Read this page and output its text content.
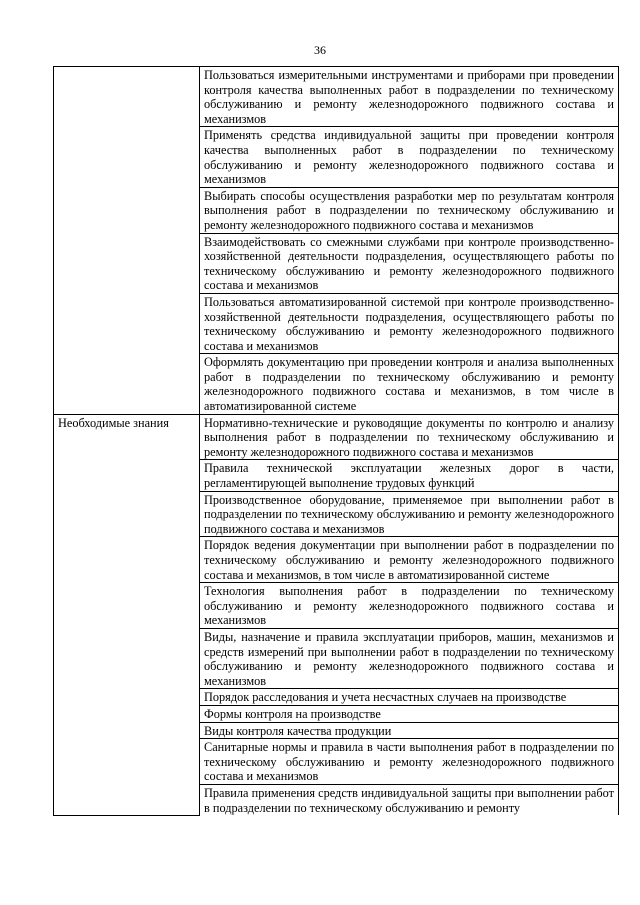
36
	Пользоваться измерительными инструментами и приборами при проведении контроля качества выполненных работ в подразделении по техническому обслуживанию и ремонту железнодорожного подвижного состава и механизмов
	Применять средства индивидуальной защиты при проведении контроля качества выполненных работ в подразделении по техническому обслуживанию и ремонту железнодорожного подвижного состава и механизмов
	Выбирать способы осуществления разработки мер по результатам контроля выполнения работ в подразделении по техническому обслуживанию и ремонту железнодорожного подвижного состава и механизмов
	Взаимодействовать со смежными службами при контроле производственно-хозяйственной деятельности подразделения, осуществляющего работы по техническому обслуживанию и ремонту железнодорожного подвижного состава и механизмов
	Пользоваться автоматизированной системой при контроле производственно-хозяйственной деятельности подразделения, осуществляющего работы по техническому обслуживанию и ремонту железнодорожного подвижного состава и механизмов
	Оформлять документацию при проведении контроля и анализа выполненных работ в подразделении по техническому обслуживанию и ремонту железнодорожного подвижного состава и механизмов, в том числе в автоматизированной системе
Необходимые знания	Нормативно-технические и руководящие документы по контролю и анализу выполнения работ в подразделении по техническому обслуживанию и ремонту железнодорожного подвижного состава и механизмов
	Правила технической эксплуатации железных дорог в части, регламентирующей выполнение трудовых функций
	Производственное оборудование, применяемое при выполнении работ в подразделении по техническому обслуживанию и ремонту железнодорожного подвижного состава и механизмов
	Порядок ведения документации при выполнении работ в подразделении по техническому обслуживанию и ремонту железнодорожного подвижного состава и механизмов, в том числе в автоматизированной системе
	Технология выполнения работ в подразделении по техническому обслуживанию и ремонту железнодорожного подвижного состава и механизмов
	Виды, назначение и правила эксплуатации приборов, машин, механизмов и средств измерений при выполнении работ в подразделении по техническому обслуживанию и ремонту железнодорожного подвижного состава и механизмов
	Порядок расследования и учета несчастных случаев на производстве
	Формы контроля на производстве
	Виды контроля качества продукции
	Санитарные нормы и правила в части выполнения работ в подразделении по техническому обслуживанию и ремонту железнодорожного подвижного состава и механизмов
	Правила применения средств индивидуальной защиты при выполнении работ в подразделении по техническому обслуживанию и ремонту
